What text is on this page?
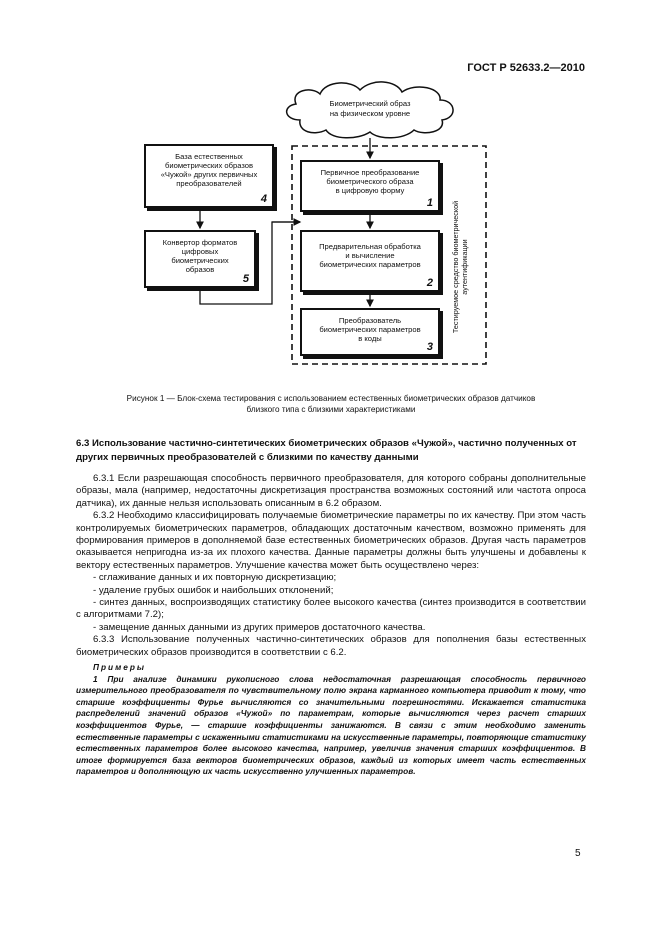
ГОСТ Р 52633.2—2010
Биометрический образ
на физическом уровне
База естественных
биометрических образов
«Чужой» других первичных
преобразователей
4
Конвертор форматов
цифровых
биометрических
образов
5
Первичное преобразование
биометрического образа
в цифровую форму
1
Предварительная обработка
и вычисление
биометрических параметров
2
Преобразователь
биометрических параметров
в коды
3
Тестируемое средство биометрической аутентификации
Рисунок 1 — Блок-схема тестирования с использованием естественных биометрических образов датчиков
близкого типа с близкими характеристиками
6.3 Использование частично-синтетических биометрических образов «Чужой», частично полученных от других первичных преобразователей с близкими по качеству данными

6.3.1 Если разрешающая способность первичного преобразователя, для которого собраны дополнительные образы, мала (например, недостаточны дискретизация пространства возможных состояний или частота опроса датчика), их данные нельзя использовать описанным в 6.2 образом.

6.3.2 Необходимо классифицировать получаемые биометрические параметры по их качеству. При этом часть контролируемых биометрических параметров, обладающих достаточным качеством, возможно применять для формирования примеров в дополняемой базе естественных биометрических образов. Другая часть параметров оказывается непригодна из-за их плохого качества. Данные параметры должны быть улучшены и добавлены к вектору естественных параметров. Улучшение качества может быть осуществлено через:

- сглаживание данных и их повторную дискретизацию;

- удаление грубых ошибок и наибольших отклонений;

- синтез данных, воспроизводящих статистику более высокого качества (синтез производится в соответствии с алгоритмами 7.2);

- замещение данных данными из других примеров достаточного качества.

6.3.3 Использование полученных частично-синтетических образов для пополнения базы естественных биометрических образов производится в соответствии с 6.2.

Примеры

1 При анализе динамики рукописного слова недостаточная разрешающая способность первичного измерительного преобразователя по чувствительному полю экрана карманного компьютера приводит к тому, что старшие коэффициенты Фурье вычисляются со значительными погрешностями. Искажается статистика распределений значений образов «Чужой» по параметрам, которые вычисляются через расчет старших коэффициентов Фурье, — старшие коэффициенты занижаются. В связи с этим необходимо заменить естественные параметры с искаженными статистиками на искусственные параметры, повторяющие статистику естественных параметров более высокого качества, например, увеличив значения старших коэффициентов. В итоге формируется база векторов биометрических образов, каждый из которых имеет часть естественных параметров и дополняющую их часть искусственно улучшенных параметров.

5
